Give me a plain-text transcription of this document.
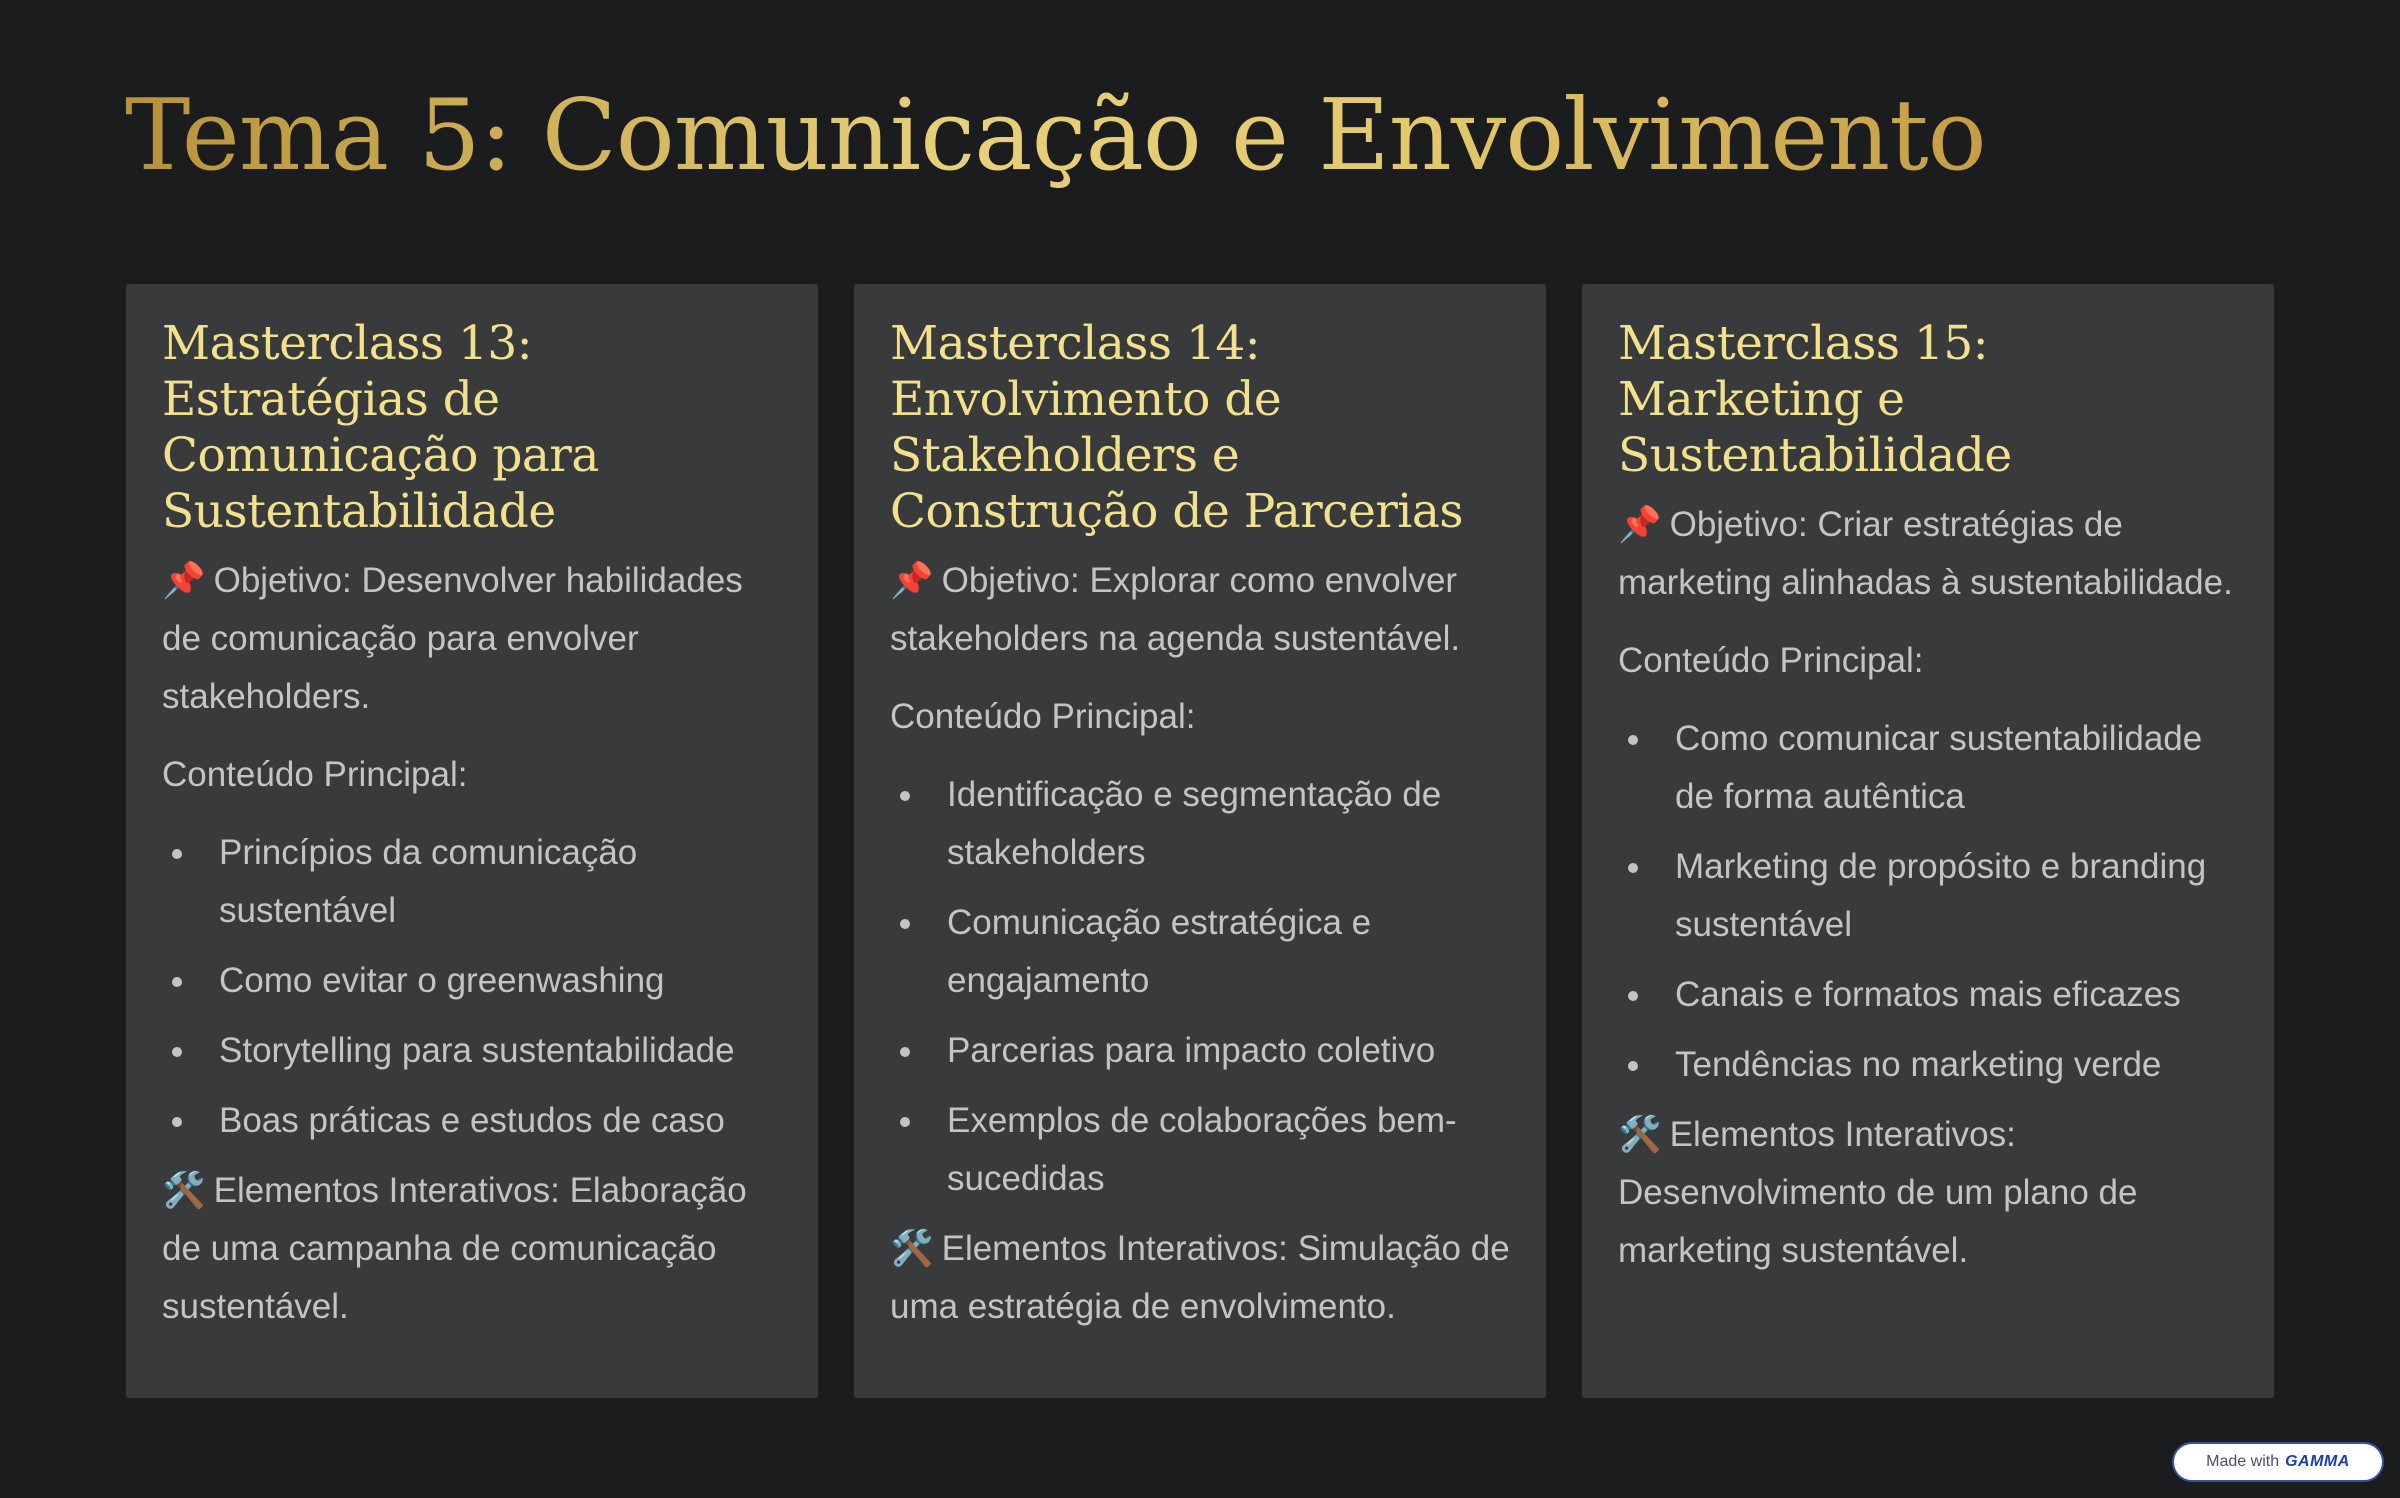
Tema 5: Comunicação e Envolvimento
Masterclass 13: Estratégias de Comunicação para Sustentabilidade

📌 Objetivo: Desenvolver habilidades de comunicação para envolver stakeholders.

Conteúdo Principal:

Princípios da comunicação sustentável
Como evitar o greenwashing
Storytelling para sustentabilidade
Boas práticas e estudos de caso

🛠️ Elementos Interativos: Elaboração de uma campanha de comunicação sustentável.

Masterclass 14: Envolvimento de Stakeholders e Construção de Parcerias

📌 Objetivo: Explorar como envolver stakeholders na agenda sustentável.

Conteúdo Principal:

Identificação e segmentação de stakeholders
Comunicação estratégica e engajamento
Parcerias para impacto coletivo
Exemplos de colaborações bem-sucedidas

🛠️ Elementos Interativos: Simulação de uma estratégia de envolvimento.

Masterclass 15: Marketing e Sustentabilidade

📌 Objetivo: Criar estratégias de marketing alinhadas à sustentabilidade.

Conteúdo Principal:

Como comunicar sustentabilidade de forma autêntica
Marketing de propósito e branding sustentável
Canais e formatos mais eficazes
Tendências no marketing verde

🛠️ Elementos Interativos: Desenvolvimento de um plano de marketing sustentável.

Made with GAMMA
